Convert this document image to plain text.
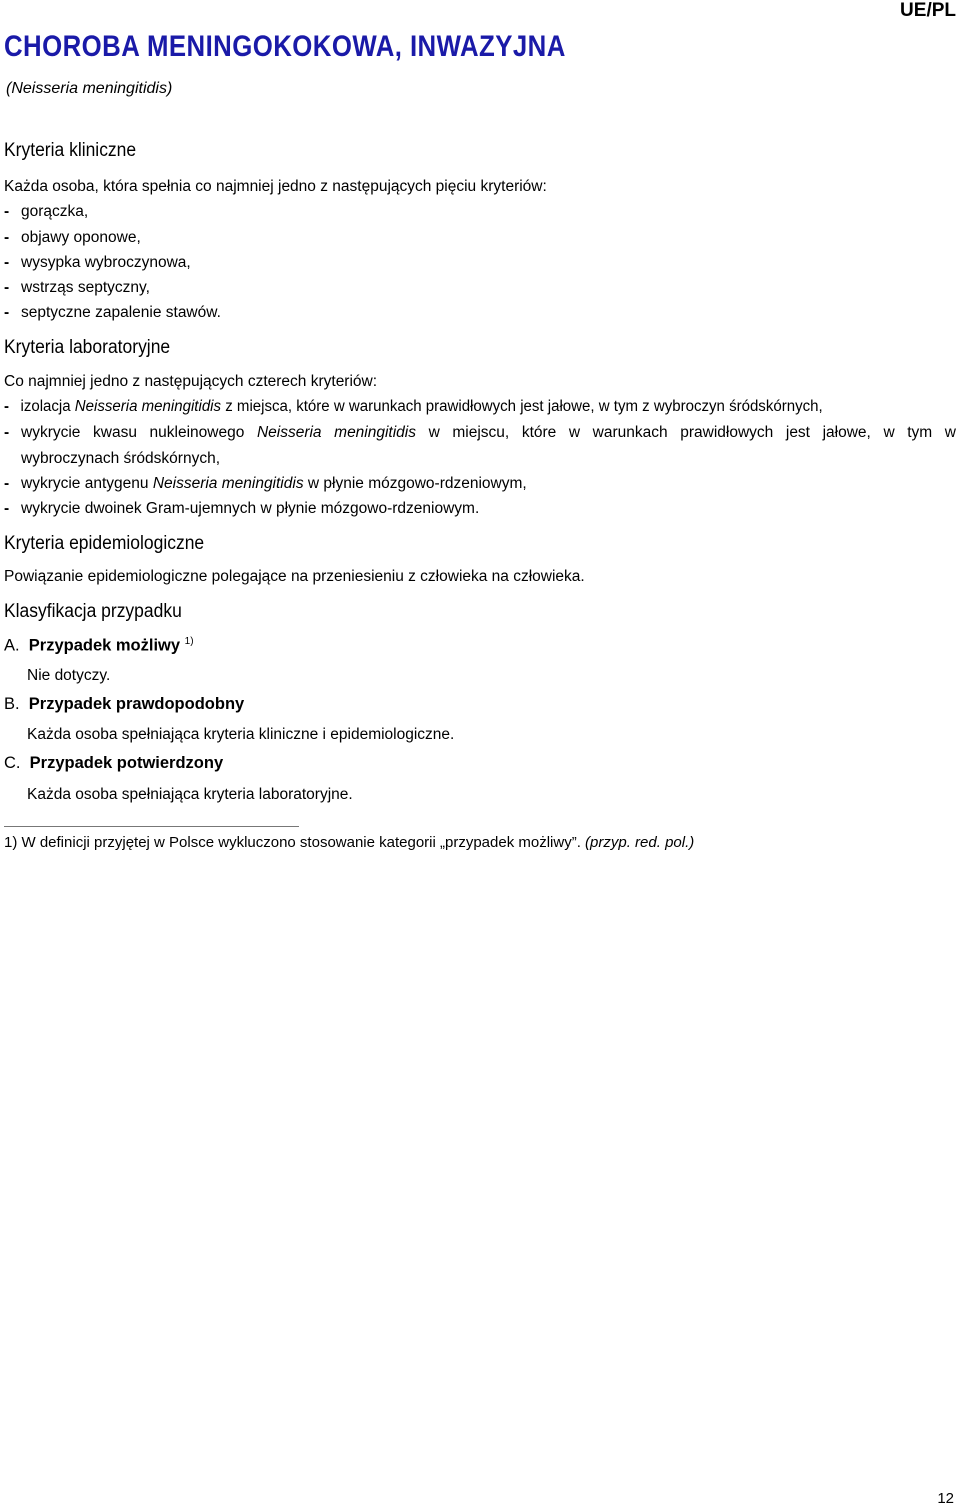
UE/PL
CHOROBA MENINGOKOKOWA, INWAZYJNA
(Neisseria meningitidis)
Kryteria kliniczne
Każda osoba, która spełnia co najmniej jedno z następujących pięciu kryteriów:
- gorączka,
- objawy oponowe,
- wysypka wybroczynowa,
- wstrząs septyczny,
- septyczne zapalenie stawów.
Kryteria laboratoryjne
Co najmniej jedno z następujących czterech kryteriów:
- izolacja Neisseria meningitidis z miejsca, które w warunkach prawidłowych jest jałowe, w tym z wybroczyn śródskórnych,
- wykrycie kwasu nukleinowego Neisseria meningitidis w miejscu, które w warunkach prawidłowych jest jałowe, w tym w
wybroczynach śródskórnych,
- wykrycie antygenu Neisseria meningitidis w płynie mózgowo-rdzeniowym,
- wykrycie dwoinek Gram-ujemnych w płynie mózgowo-rdzeniowym.
Kryteria epidemiologiczne
Powiązanie epidemiologiczne polegające na przeniesieniu z człowieka na człowieka.
Klasyfikacja przypadku
A. Przypadek możliwy $^{1)}$
Nie dotyczy.
B. Przypadek prawdopodobny
Każda osoba spełniająca kryteria kliniczne i epidemiologiczne.
C. Przypadek potwierdzony
Każda osoba spełniająca kryteria laboratoryjne.
1) W definicji przyjętej w Polsce wykluczono stosowanie kategorii „przypadek możliwy”. (przyp. red. pol.)
12
